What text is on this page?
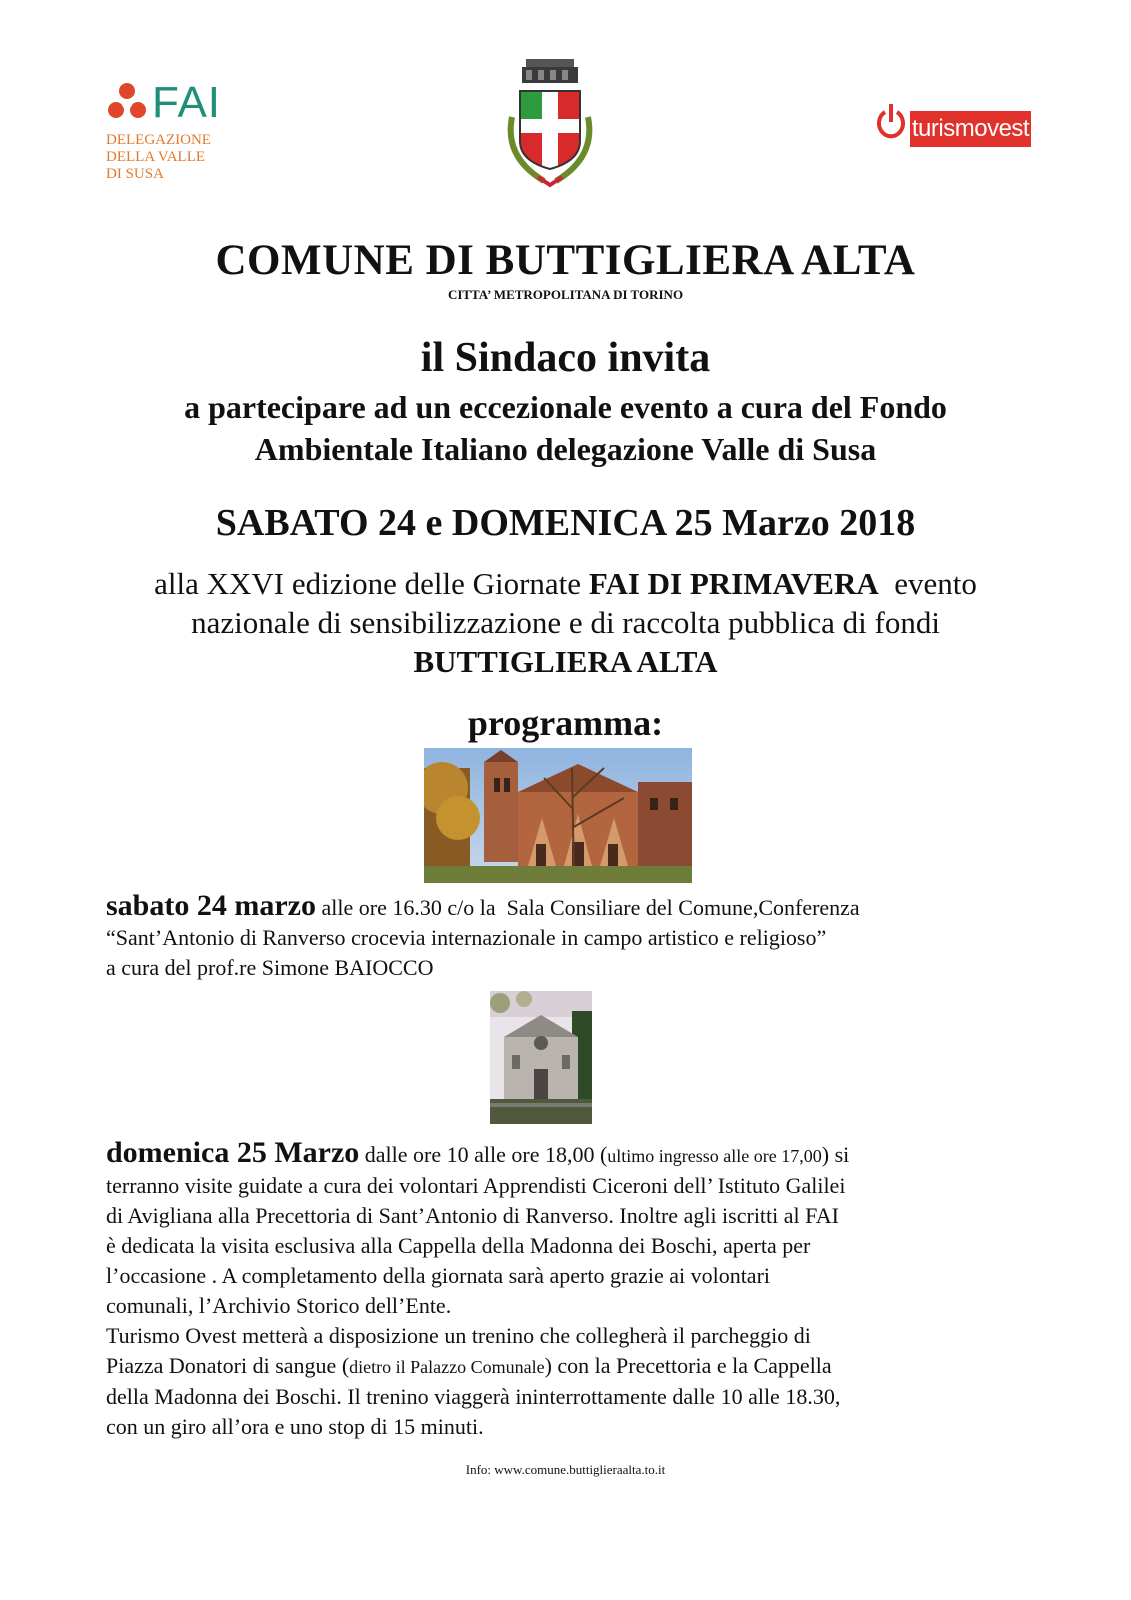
FAI
DELEGAZIONE
DELLA VALLE
DI SUSA
turismovest
COMUNE DI BUTTIGLIERA ALTA
CITTA’ METROPOLITANA DI TORINO
il Sindaco invita
a partecipare ad un eccezionale evento a cura del Fondo
Ambientale Italiano delegazione Valle di Susa
SABATO 24 e DOMENICA 25 Marzo 2018
alla XXVI edizione delle Giornate FAI DI PRIMAVERA  evento
nazionale di sensibilizzazione e di raccolta pubblica di fondi
BUTTIGLIERA ALTA
programma:
sabato 24 marzo alle ore 16.30 c/o la  Sala Consiliare del Comune,Conferenza
“Sant’Antonio di Ranverso crocevia internazionale in campo artistico e religioso”
a cura del prof.re Simone BAIOCCO
domenica 25 Marzo dalle ore 10 alle ore 18,00 (ultimo ingresso alle ore 17,00) si
terranno visite guidate a cura dei volontari Apprendisti Ciceroni dell’ Istituto Galilei
di Avigliana alla Precettoria di Sant’Antonio di Ranverso. Inoltre agli iscritti al FAI
è dedicata la visita esclusiva alla Cappella della Madonna dei Boschi, aperta per
l’occasione . A completamento della giornata sarà aperto grazie ai volontari
comunali, l’Archivio Storico dell’Ente.
Turismo Ovest metterà a disposizione un trenino che collegherà il parcheggio di
Piazza Donatori di sangue (dietro il Palazzo Comunale) con la Precettoria e la Cappella
della Madonna dei Boschi. Il trenino viaggerà ininterrottamente dalle 10 alle 18.30,
con un giro all’ora e uno stop di 15 minuti.
Info: www.comune.buttiglieraalta.to.it
